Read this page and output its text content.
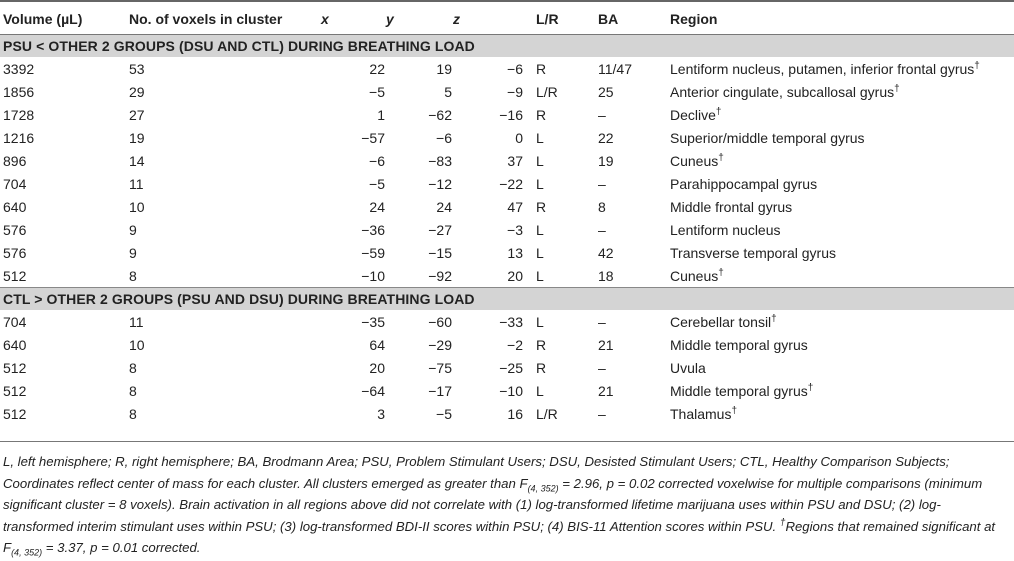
Volume (µL)	No. of voxels in cluster	x	y	z	L/R	BA	Region
PSU < OTHER 2 GROUPS (DSU AND CTL) DURING BREATHING LOAD							
3392	53	22	19	−6	R	11/47	Lentiform nucleus, putamen, inferior frontal gyrus†
1856	29	−5	5	−9	L/R	25	Anterior cingulate, subcallosal gyrus†
1728	27	1	−62	−16	R	–	Declive†
1216	19	−57	−6	0	L	22	Superior/middle temporal gyrus
896	14	−6	−83	37	L	19	Cuneus†
704	11	−5	−12	−22	L	–	Parahippocampal gyrus
640	10	24	24	47	R	8	Middle frontal gyrus
576	9	−36	−27	−3	L	–	Lentiform nucleus
576	9	−59	−15	13	L	42	Transverse temporal gyrus
512	8	−10	−92	20	L	18	Cuneus†
CTL > OTHER 2 GROUPS (PSU AND DSU) DURING BREATHING LOAD							
704	11	−35	−60	−33	L	–	Cerebellar tonsil†
640	10	64	−29	−2	R	21	Middle temporal gyrus
512	8	20	−75	−25	R	–	Uvula
512	8	−64	−17	−10	L	21	Middle temporal gyrus†
512	8	3	−5	16	L/R	–	Thalamus†
L, left hemisphere; R, right hemisphere; BA, Brodmann Area; PSU, Problem Stimulant Users; DSU, Desisted Stimulant Users; CTL, Healthy Comparison Subjects; Coordinates reflect center of mass for each cluster. All clusters emerged as greater than $F_{(4, 352)} = 2.96$, p = 0.02 corrected voxelwise for multiple comparisons (minimum significant cluster = 8 voxels). Brain activation in all regions above did not correlate with (1) log-transformed lifetime marijuana uses within PSU and DSU; (2) log-transformed interim stimulant uses within PSU; (3) log-transformed BDI-II scores within PSU; (4) BIS-11 Attention scores within PSU. †Regions that remained significant at $F_{(4, 352)} = 3.37$, p = 0.01 corrected.
